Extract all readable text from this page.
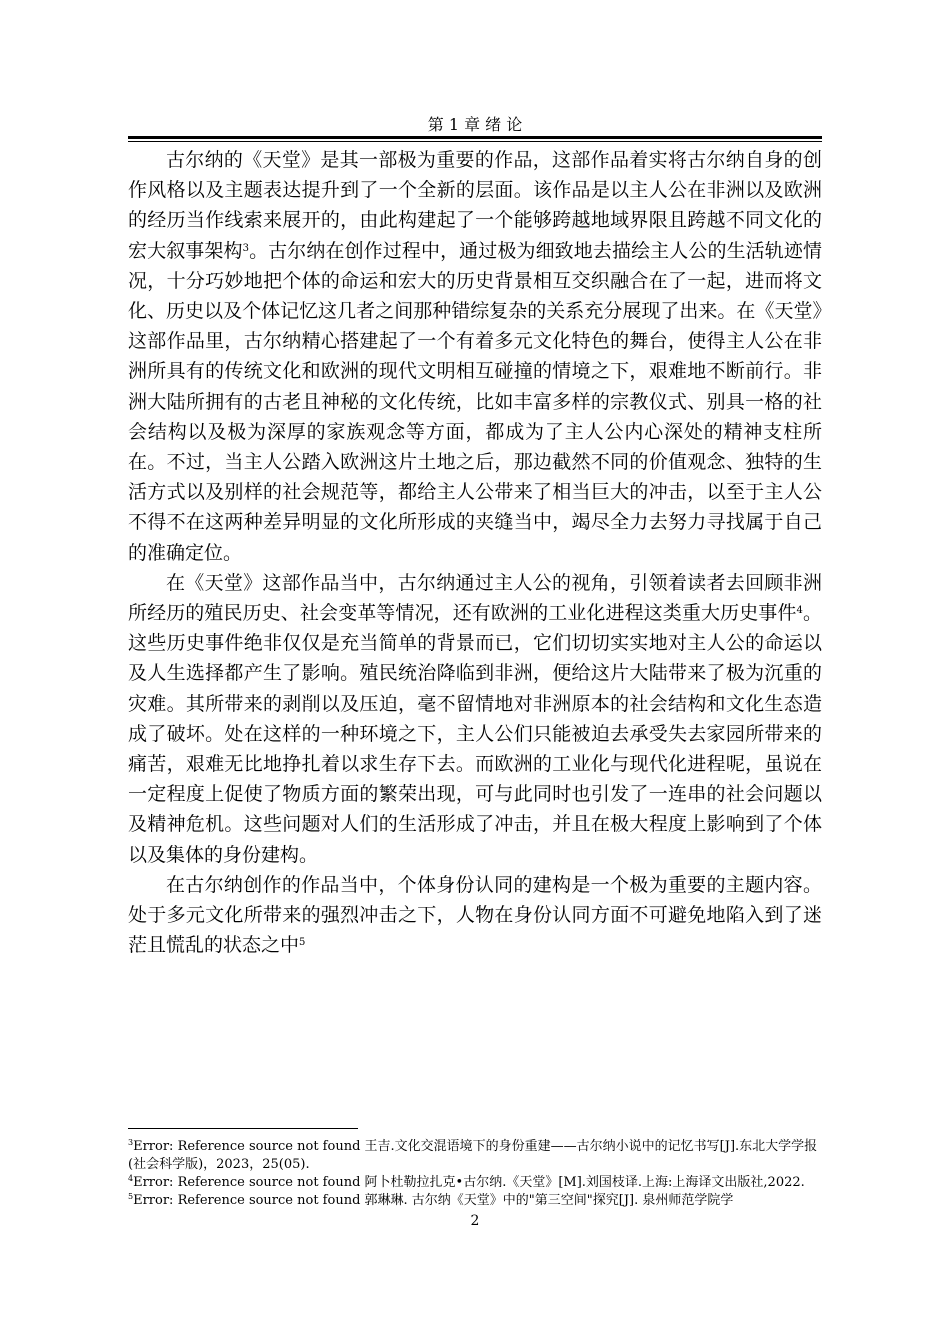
第 1 章 绪 论

古尔纳的《天堂》是其一部极为重要的作品，这部作品着实将古尔纳自身的创作风格以及主题表达提升到了一个全新的层面。该作品是以主人公在非洲以及欧洲的经历当作线索来展开的，由此构建起了一个能够跨越地域界限且跨越不同文化的宏大叙事架构$^3$。古尔纳在创作过程中，通过极为细致地去描绘主人公的生活轨迹情况，十分巧妙地把个体的命运和宏大的历史背景相互交织融合在了一起，进而将文化、历史以及个体记忆这几者之间那种错综复杂的关系充分展现了出来。在《天堂》这部作品里，古尔纳精心搭建起了一个有着多元文化特色的舞台，使得主人公在非洲所具有的传统文化和欧洲的现代文明相互碰撞的情境之下，艰难地不断前行。非洲大陆所拥有的古老且神秘的文化传统，比如丰富多样的宗教仪式、别具一格的社会结构以及极为深厚的家族观念等方面，都成为了主人公内心深处的精神支柱所在。不过，当主人公踏入欧洲这片土地之后，那边截然不同的价值观念、独特的生活方式以及别样的社会规范等，都给主人公带来了相当巨大的冲击，以至于主人公不得不在这两种差异明显的文化所形成的夹缝当中，竭尽全力去努力寻找属于自己的准确定位。

在《天堂》这部作品当中，古尔纳通过主人公的视角，引领着读者去回顾非洲所经历的殖民历史、社会变革等情况，还有欧洲的工业化进程这类重大历史事件$^4$。这些历史事件绝非仅仅是充当简单的背景而已，它们切切实实地对主人公的命运以及人生选择都产生了影响。殖民统治降临到非洲，便给这片大陆带来了极为沉重的灾难。其所带来的剥削以及压迫，毫不留情地对非洲原本的社会结构和文化生态造成了破坏。处在这样的一种环境之下，主人公们只能被迫去承受失去家园所带来的痛苦，艰难无比地挣扎着以求生存下去。而欧洲的工业化与现代化进程呢，虽说在一定程度上促使了物质方面的繁荣出现，可与此同时也引发了一连串的社会问题以及精神危机。这些问题对人们的生活形成了冲击，并且在极大程度上影响到了个体以及集体的身份建构。

在古尔纳创作的作品当中，个体身份认同的建构是一个极为重要的主题内容。处于多元文化所带来的强烈冲击之下，人物在身份认同方面不可避免地陷入到了迷茫且慌乱的状态之中$^5$

$^3$Error: Reference source not found 王吉.文化交混语境下的身份重建——古尔纳小说中的记忆书写[J].东北大学学报(社会科学版)，2023，25(05).

$^4$Error: Reference source not found 阿卜杜勒拉扎克•古尔纳.《天堂》[M].刘国枝译.上海:上海译文出版社,2022.

$^5$Error: Reference source not found 郭琳琳. 古尔纳《天堂》中的"第三空间"探究[J]. 泉州师范学院学

2
